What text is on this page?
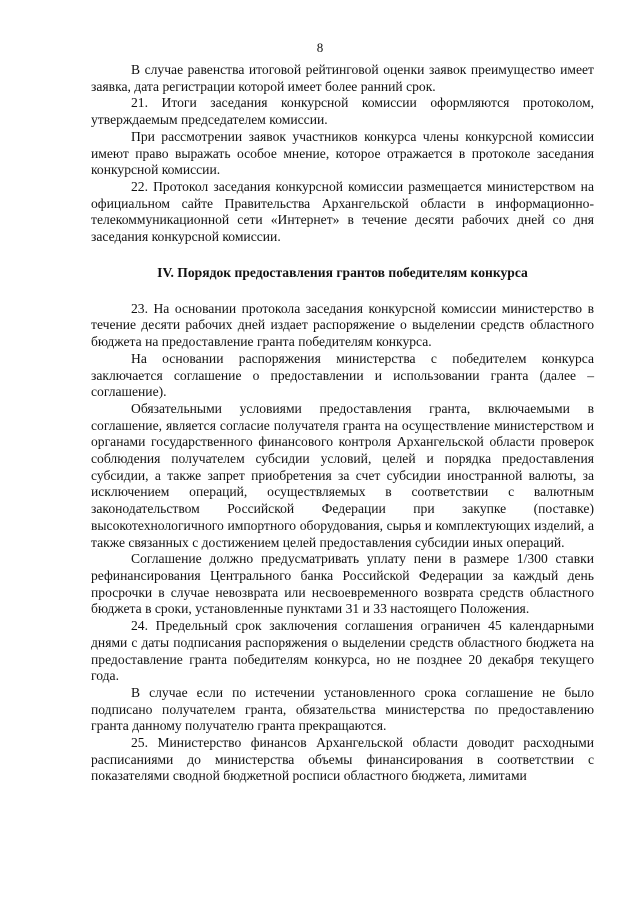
8

В случае равенства итоговой рейтинговой оценки заявок преимущество имеет заявка, дата регистрации которой имеет более ранний срок.

21. Итоги заседания конкурсной комиссии оформляются протоколом, утверждаемым председателем комиссии.

При рассмотрении заявок участников конкурса члены конкурсной комиссии имеют право выражать особое мнение, которое отражается в протоколе заседания конкурсной комиссии.

22. Протокол заседания конкурсной комиссии размещается министерством на официальном сайте Правительства Архангельской области в информационно-телекоммуникационной сети «Интернет» в течение десяти рабочих дней со дня заседания конкурсной комиссии.

IV. Порядок предоставления грантов победителям конкурса

23. На основании протокола заседания конкурсной комиссии министерство в течение десяти рабочих дней издает распоряжение о выделении средств областного бюджета на предоставление гранта победителям конкурса.

На основании распоряжения министерства с победителем конкурса заключается соглашение о предоставлении и использовании гранта (далее – соглашение).

Обязательными условиями предоставления гранта, включаемыми в соглашение, является согласие получателя гранта на осуществление министерством и органами государственного финансового контроля Архангельской области проверок соблюдения получателем субсидии условий, целей и порядка предоставления субсидии, а также запрет приобретения за счет субсидии иностранной валюты, за исключением операций, осуществляемых в соответствии с валютным законодательством Российской Федерации при закупке (поставке) высокотехнологичного импортного оборудования, сырья и комплектующих изделий, а также связанных с достижением целей предоставления субсидии иных операций.

Соглашение должно предусматривать уплату пени в размере 1/300 ставки рефинансирования Центрального банка Российской Федерации за каждый день просрочки в случае невозврата или несвоевременного возврата средств областного бюджета в сроки, установленные пунктами 31 и 33 настоящего Положения.

24. Предельный срок заключения соглашения ограничен 45 календарными днями с даты подписания распоряжения о выделении средств областного бюджета на предоставление гранта победителям конкурса, но не позднее 20 декабря текущего года.

В случае если по истечении установленного срока соглашение не было подписано получателем гранта, обязательства министерства по предоставлению гранта данному получателю гранта прекращаются.

25. Министерство финансов Архангельской области доводит расходными расписаниями до министерства объемы финансирования в соответствии с показателями сводной бюджетной росписи областного бюджета, лимитами
